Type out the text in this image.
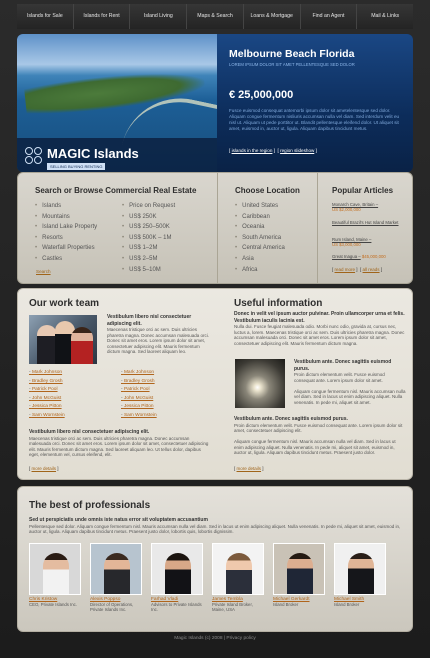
Islands for Sale	Islands for Rent	Island Living	Maps & Search	Loans & Mortgage	Find an Agent	Mail & Links
MAGIC Islands
SELLING BUYING RENTING
Melbourne Beach Florida
LOREM IPSUM DOLOR SIT AMET PELLENTESQUE SED DOLOR
€ 25,000,000
Fusce euismod consequat antemorbi ipsum dolor sit ametelentesque sed dolor. Aliquam congue fermentum nisliuris accumsan nulla vel diam. Sed interdum velit eu nisl ut. Aliquam ut pede porttitor ut. Blandit pellentesque eleifend dolor. Ut aliquet sit amet, euismod in, auctor ut, ligula. Aliquam dapibus tincidunt metus.
[ islands in the region ]  [ region slideshow ]
Search or Browse Commercial Real Estate
• Islands
• Mountains
• Island Lake Property
• Resorts
• Waterfall Properties
• Castles
• Price on Request
• US$ 250K
• US$ 250–500K
• US$ 500K – 1M
• US$ 1–2M
• US$ 2–5M
• US$ 5–10M
Search
Choose Location
• United States
• Caribbean
• Oceania
• South America
• Central America
• Asia
• Africa
Popular Articles
Monarch Cave, Britain –
US $2,000,000
Beautiful Brazil's Hut Island Market
Rum Island, Maine –
US $3,000,000
Great Inagua – $45,000,000
[ read more ]  [ all reads ]
Our work team
Vestibulum libero nisl consectetuer adipiscing elit.
Maecenas tristique orci ac sem. Duis ultricies pharetra magna. Donec accumsan malesuada orci. Donec sit amet eros. Lorem ipsum dolor sit amet, consectetuer adipiscing elit. Mauris fermentum dictum magna. Sed laoreet aliquam leo.
- Mark Johnson
- Bradley Grosh
- Patrick Pool
- John McGuist
- Jessica Pitton
- Sam Wornstein
- Mark Johnson
- Bradley Grosh
- Patrick Pool
- John McGuist
- Jessica Pitton
- Sam Wornstein
Vestibulum libero nisl consectetuer adipiscing elit.
Maecenas tristique orci ac sem. Duis ultricies pharetra magna. Donec accumsan malesuada orci. Donec sit amet eros. Lorem ipsum dolor sit amet, consectetuer adipiscing elit. Mauris fermentum dictum magna. Sed laoreet aliquam leo. Ut tellus dolor, dapibus eget, elementum vel, cursus eleifend, elit.
[ more details ]
Useful information
Donec in velit vel ipsum auctor pulvinar. Proin ullamcorper urna et felis. Vestibulum iaculis lacinia est.
Nulla dui. Fusce feugiat malesuada odio. Morbi nunc odio, gravida at, cursus nec, luctus a, lorem. Maecenas tristique orci ac sem. Duis ultricies pharetra magna. Donec accumsan malesuada orci. Donec sit amet eros. Lorem ipsum dolor sit amet, consectetuer adipiscing elit. Mauris fermentum dictum magna.
Vestibulum ante. Donec sagittis euismod purus.
Proin dictum elementum velit. Fusce euismod consequat ante. Lorem ipsum dolor sit amet.

Aliquam congue fermentum nisl. Mauris accumsan nulla vel diam. Sed in lacus ut enim adipiscing aliquet. Nulla venenatis. In pede mi, aliquet sit amet.
Vestibulum ante. Donec sagittis euismod purus.
Proin dictum elementum velit. Fusce euismod consequat ante. Lorem ipsum dolor sit amet, consectetuer adipiscing elit.

Aliquam congue fermentum nisl. Mauris accumsan nulla vel diam. Sed in lacus ut enim adipiscing aliquet. Nulla venenatis. In pede mi, aliquet sit amet, euismod in, auctor ut, ligula. Aliquam dapibus tincidunt metus. Praesent justo dolor.
[ more details ]
The best of professionals
Sed ut perspiciatis unde omnis iste natus error sit voluptatem accusantium
Pellentesque sed dolor. Aliquam congue fermentum nisl. Mauris accumsan nulla vel diam. Sed in lacus ut enim adipiscing aliquet. Nulla venenatis. In pede mi, aliquet sit amet, euismod in, auctor ut, ligula. Aliquam dapibus tincidunt metus. Praesent justo dolor, lobortis quis, lobortis dignissim.
Chris Kristow
CEO, Private Islands Inc.
Alexis Poppso
Director of Operations, Private Islands Inc.
Farhad Vladi
Advisors to Private Islands Inc.
James Tembla
Private Island Broker, Maine, USA
Michael Gerkardt
Island Broker
Michael Smith
Island Broker
Magic Islands (c) 2008 | Privacy policy
